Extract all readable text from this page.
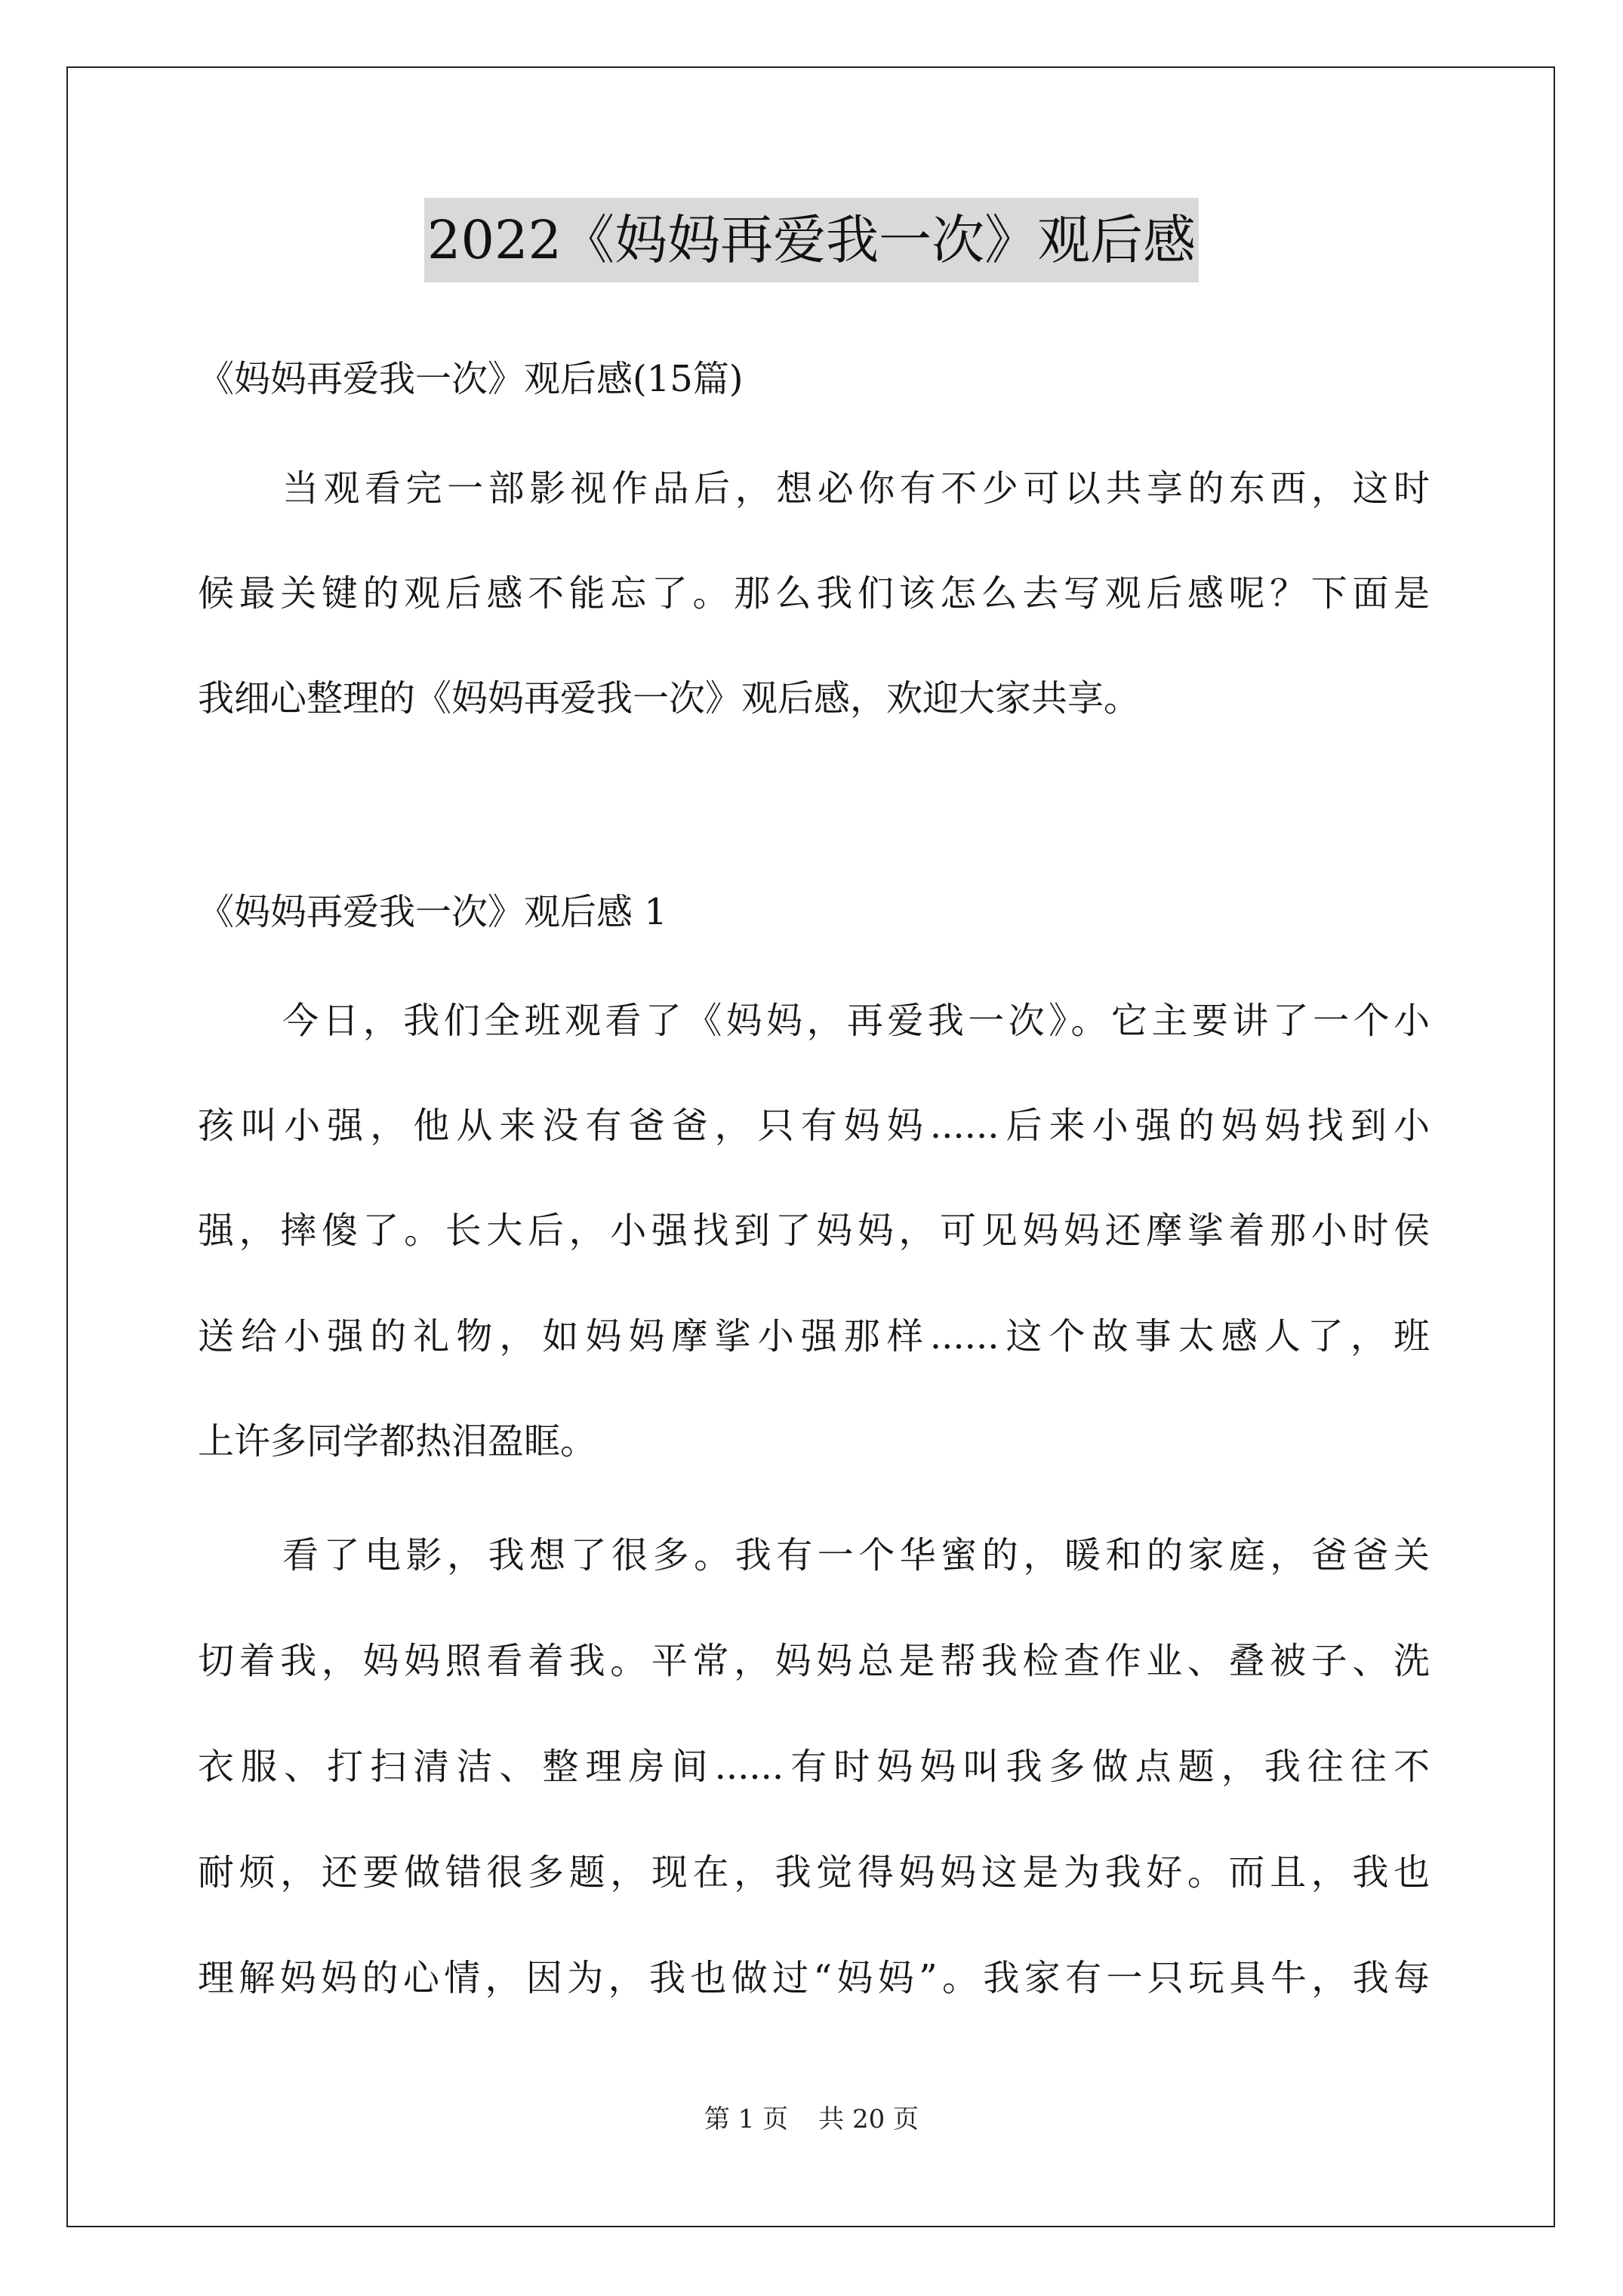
2022《妈妈再爱我一次》观后感
《妈妈再爱我一次》观后感(15篇)
当观看完一部影视作品后，想必你有不少可以共享的东西，这时
候最关键的观后感不能忘了。那么我们该怎么去写观后感呢？下面是
我细心整理的《妈妈再爱我一次》观后感，欢迎大家共享。
《妈妈再爱我一次》观后感 1
今日，我们全班观看了《妈妈，再爱我一次》。它主要讲了一个小
孩叫小强，他从来没有爸爸，只有妈妈......后来小强的妈妈找到小
强，摔傻了。长大后，小强找到了妈妈，可见妈妈还摩挲着那小时侯
送给小强的礼物，如妈妈摩挲小强那样......这个故事太感人了，班
上许多同学都热泪盈眶。
看了电影，我想了很多。我有一个华蜜的，暖和的家庭，爸爸关
切着我，妈妈照看着我。平常，妈妈总是帮我检查作业、叠被子、洗
衣服、打扫清洁、整理房间......有时妈妈叫我多做点题，我往往不
耐烦，还要做错很多题，现在，我觉得妈妈这是为我好。而且，我也
理解妈妈的心情，因为，我也做过“妈妈”。我家有一只玩具牛，我每
第 1 页 共 20 页
